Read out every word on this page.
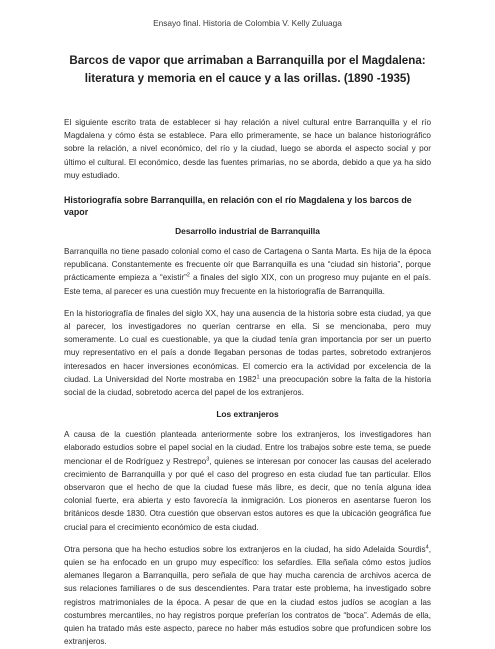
Ensayo final. Historia de Colombia V. Kelly Zuluaga
Barcos de vapor que arrimaban a Barranquilla por el Magdalena: literatura y memoria en el cauce y a las orillas. (1890 -1935)

El siguiente escrito trata de establecer si hay relación a nivel cultural entre Barranquilla y el río Magdalena y cómo ésta se establece. Para ello primeramente, se hace un balance historiográfico sobre la relación, a nivel económico, del río y la ciudad, luego se aborda el aspecto social y por último el cultural. El económico, desde las fuentes primarias, no se aborda, debido a que ya ha sido muy estudiado.

Historiografía sobre Barranquilla, en relación con el río Magdalena y los barcos de vapor
Desarrollo industrial de Barranquilla

Barranquilla no tiene pasado colonial como el caso de Cartagena o Santa Marta. Es hija de la época republicana. Constantemente es frecuente oír que Barranquilla es una “ciudad sin historia”, porque prácticamente empieza a “existir”$^2$ a finales del siglo XIX, con un progreso muy pujante en el país. Este tema, al parecer es una cuestión muy frecuente en la historiografía de Barranquilla.

En la historiografía de finales del siglo XX, hay una ausencia de la historia sobre esta ciudad, ya que al parecer, los investigadores no querían centrarse en ella. Si se mencionaba, pero muy someramente. Lo cual es cuestionable, ya que la ciudad tenía gran importancia por ser un puerto muy representativo en el país a donde llegaban personas de todas partes, sobretodo extranjeros interesados en hacer inversiones económicas. El comercio era la actividad por excelencia de la ciudad. La Universidad del Norte mostraba en 1982$^1$ una preocupación sobre la falta de la historia social de la ciudad, sobretodo acerca del papel de los extranjeros.

Los extranjeros

A causa de la cuestión planteada anteriormente sobre los extranjeros, los investigadores han elaborado estudios sobre el papel social en la ciudad. Entre los trabajos sobre este tema, se puede mencionar el de Rodríguez y Restrepo$^3$, quienes se interesan por conocer las causas del acelerado crecimiento de Barranquilla y por qué el caso del progreso en esta ciudad fue tan particular. Ellos observaron que el hecho de que la ciudad fuese más libre, es decir, que no tenía alguna idea colonial fuerte, era abierta y esto favorecía la inmigración. Los pioneros en asentarse fueron los británicos desde 1830. Otra cuestión que observan estos autores es que la ubicación geográfica fue crucial para el crecimiento económico de esta ciudad.

Otra persona que ha hecho estudios sobre los extranjeros en la ciudad, ha sido Adelaida Sourdis$^4$, quien se ha enfocado en un grupo muy específico: los sefardíes. Ella señala cómo estos judíos alemanes llegaron a Barranquilla, pero señala de que hay mucha carencia de archivos acerca de sus relaciones familiares o de sus descendientes. Para tratar este problema, ha investigado sobre registros matrimoniales de la época. A pesar de que en la ciudad estos judíos se acogían a las costumbres mercantiles, no hay registros porque preferían los contratos de “boca”. Además de ella, quien ha tratado más este aspecto, parece no haber más estudios sobre que profundicen sobre los extranjeros.
